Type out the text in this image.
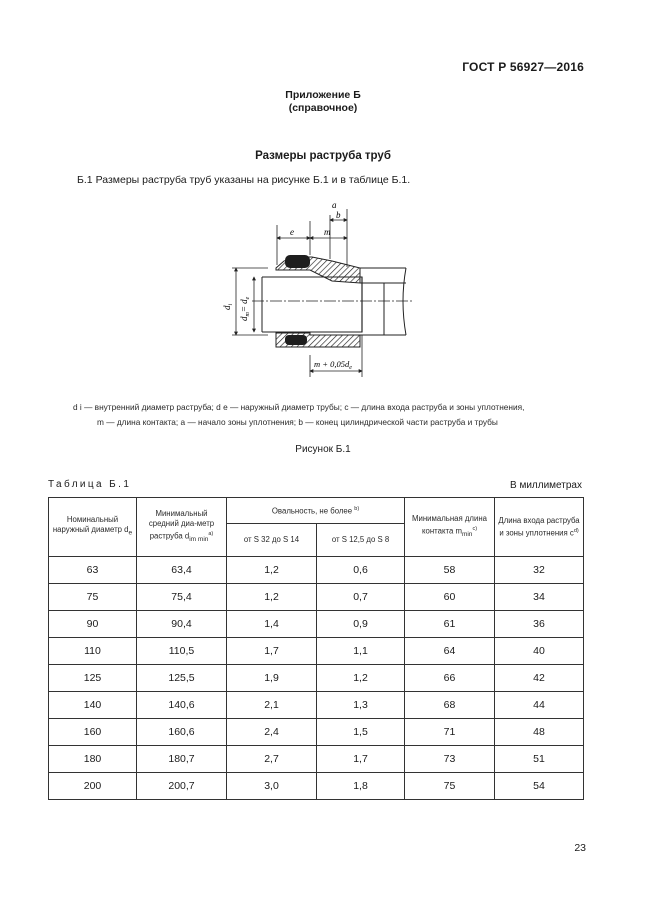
ГОСТ Р 56927—2016
Приложение Б
(справочное)
Размеры раструба труб
Б.1 Размеры раструба труб указаны на рисунке Б.1 и в таблице Б.1.
a
b
e	m
$d_i$
$d_m= d_e$
$m + 0,05d_e$
d i — внутренний диаметр раструба; d e — наружный диаметр трубы; c — длина входа раструба и зоны уплотнения,
m — длина контакта; a — начало зоны уплотнения; b — конец цилиндрической части раструба и трубы
Рисунок Б.1
Таблица Б.1	В миллиметрах
Номинальный наружный диаметр $d_e$	Минимальный средний диа-метр раструба $d_{im min}^{a)}$	Овальность, не более $^{b)}$		Минимальная длина контакта $m_{min}^{c)}$	Длина входа раструба и зоны уплотнения $с^{d)}$
		от S 32 до S 14	от S 12,5 до S 8		
63	63,4	1,2	0,6	58	32
75	75,4	1,2	0,7	60	34
90	90,4	1,4	0,9	61	36
110	110,5	1,7	1,1	64	40
125	125,5	1,9	1,2	66	42
140	140,6	2,1	1,3	68	44
160	160,6	2,4	1,5	71	48
180	180,7	2,7	1,7	73	51
200	200,7	3,0	1,8	75	54
23
